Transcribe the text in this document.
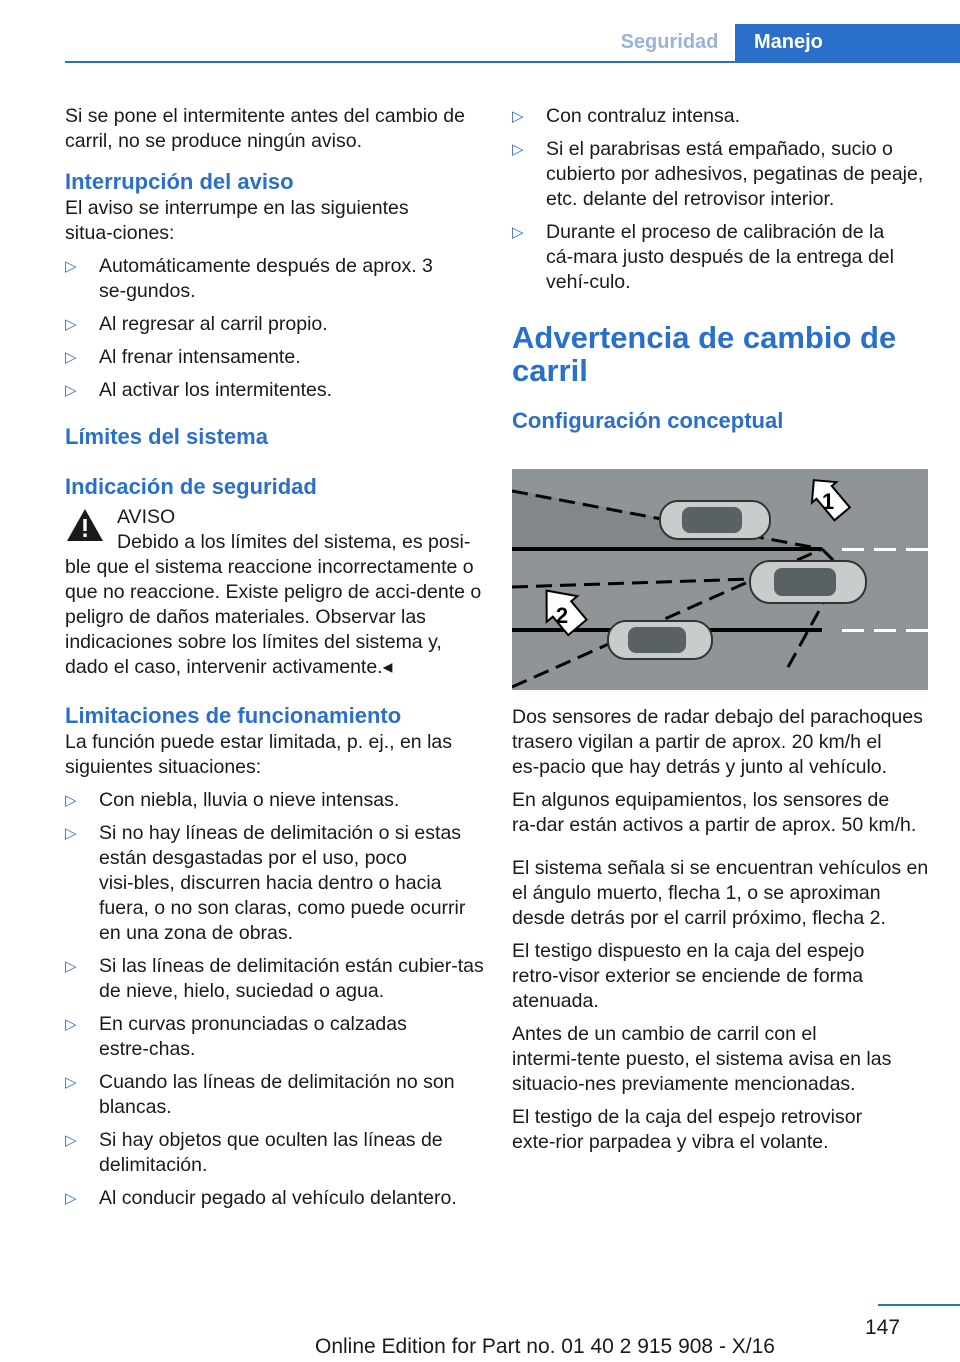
Seguridad	Manejo

Si se pone el intermitente antes del cambio de carril, no se produce ningún aviso.

Interrupción del aviso

El aviso se interrumpe en las siguientes situa‑ciones:

▷ Automáticamente después de aprox. 3 se‑gundos.
▷ Al regresar al carril propio.
▷ Al frenar intensamente.
▷ Al activar los intermitentes.

Límites del sistema

Indicación de seguridad

AVISO

Debido a los límites del sistema, es posi‑

ble que el sistema reaccione incorrectamente o que no reaccione. Existe peligro de acci‑dente o peligro de daños materiales. Observar las indicaciones sobre los límites del sistema y, dado el caso, intervenir activamente.◂

Limitaciones de funcionamiento

La función puede estar limitada, p. ej., en las siguientes situaciones:

▷ Con niebla, lluvia o nieve intensas.
▷ Si no hay líneas de delimitación o si estas están desgastadas por el uso, poco visi‑bles, discurren hacia dentro o hacia fuera, o no son claras, como puede ocurrir en una zona de obras.
▷ Si las líneas de delimitación están cubier‑tas de nieve, hielo, suciedad o agua.
▷ En curvas pronunciadas o calzadas estre‑chas.
▷ Cuando las líneas de delimitación no son blancas.
▷ Si hay objetos que oculten las líneas de delimitación.
▷ Al conducir pegado al vehículo delantero.
▷ Con contraluz intensa.
▷ Si el parabrisas está empañado, sucio o cubierto por adhesivos, pegatinas de peaje, etc. delante del retrovisor interior.
▷ Durante el proceso de calibración de la cá‑mara justo después de la entrega del vehí‑culo.

Advertencia de cambio de carril

Configuración conceptual

1
2

Dos sensores de radar debajo del parachoques trasero vigilan a partir de aprox. 20 km/h el es‑pacio que hay detrás y junto al vehículo.

En algunos equipamientos, los sensores de ra‑dar están activos a partir de aprox. 50 km/h.

El sistema señala si se encuentran vehículos en el ángulo muerto, flecha 1, o se aproximan desde detrás por el carril próximo, flecha 2.

El testigo dispuesto en la caja del espejo retro‑visor exterior se enciende de forma atenuada.

Antes de un cambio de carril con el intermi‑tente puesto, el sistema avisa en las situacio‑nes previamente mencionadas.

El testigo de la caja del espejo retrovisor exte‑rior parpadea y vibra el volante.

147
Online Edition for Part no. 01 40 2 915 908 - X/16
